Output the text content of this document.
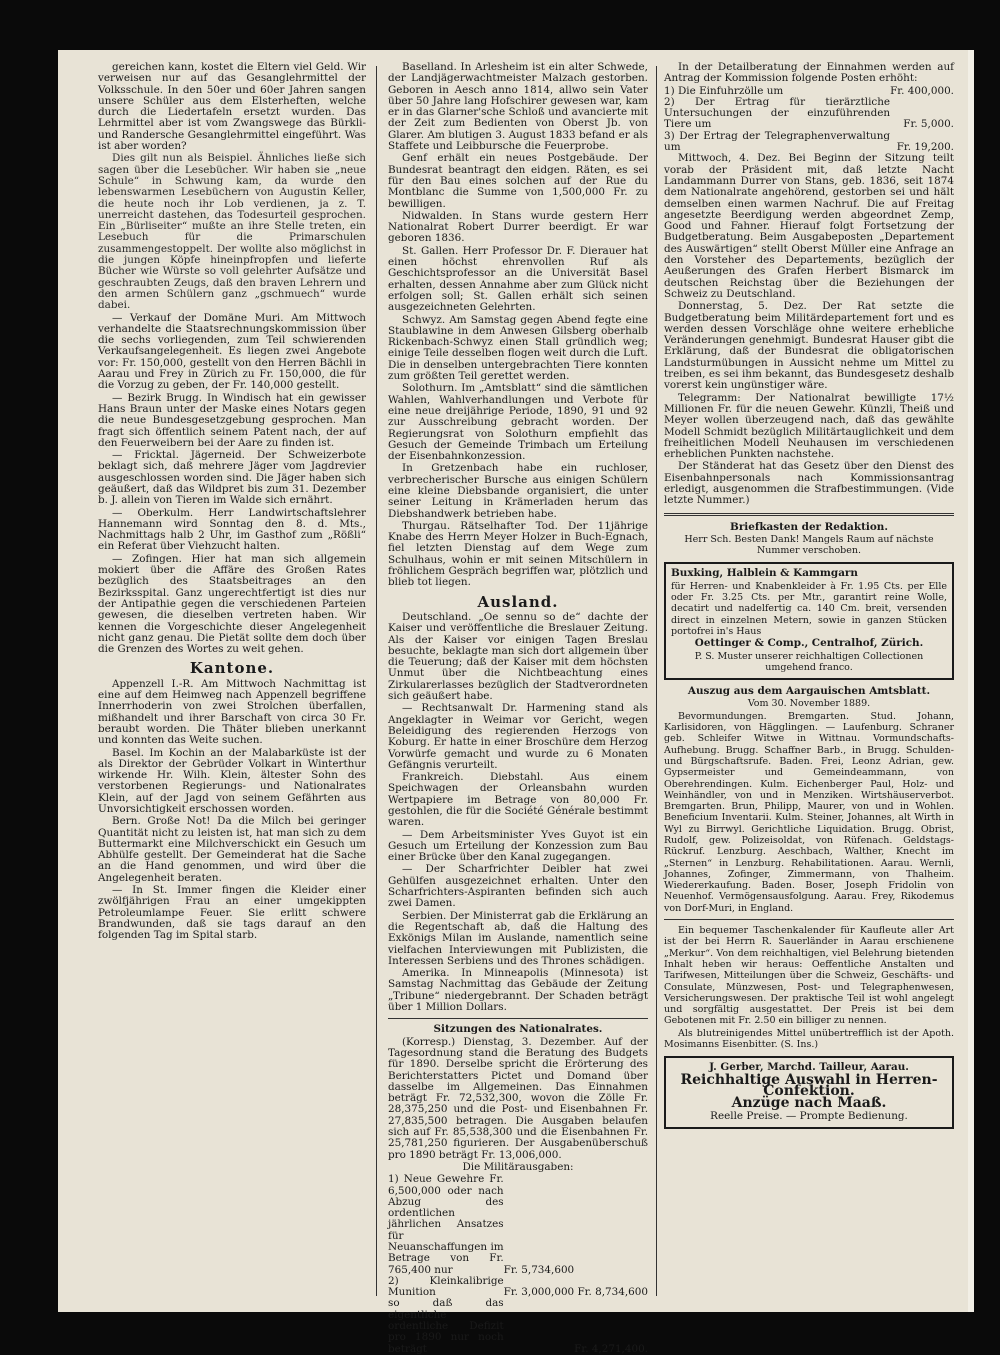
gereichen kann, kostet die Eltern viel Geld. Wir verweisen nur auf das Gesanglehrmittel der Volksschule. In den 50er und 60er Jahren sangen unsere Schüler aus dem Elsterheften, welche durch die Liedertafeln ersetzt wurden. Das Lehrmittel aber ist vom Zwangswege das Bürkli- und Randersche Gesanglehrmittel eingeführt. Was ist aber worden?

Dies gilt nun als Beispiel. Ähnliches ließe sich sagen über die Lesebücher. Wir haben sie „neue Schule“ in Schwung kam, da wurde den lebenswarmen Lesebüchern von Augustin Keller, die heute noch ihr Lob verdienen, ja z. T. unerreicht dastehen, das Todesurteil gesprochen. Ein „Bürliseiter“ mußte an ihre Stelle treten, ein Lesebuch für die Primarschulen zusammengestoppelt. Der wollte also möglichst in die jungen Köpfe hineinpfropfen und lieferte Bücher wie Würste so voll gelehrter Aufsätze und geschraubten Zeugs, daß den braven Lehrern und den armen Schülern ganz „gschmuech“ wurde dabei.

— Verkauf der Domäne Muri. Am Mittwoch verhandelte die Staatsrechnungskommission über die sechs vorliegenden, zum Teil schwierenden Verkaufsangelegenheit. Es liegen zwei Angebote vor: Fr. 150,000, gestellt von den Herren Bächli in Aarau und Frey in Zürich zu Fr. 150,000, die für die Vorzug zu geben, der Fr. 140,000 gestellt.

— Bezirk Brugg. In Windisch hat ein gewisser Hans Braun unter der Maske eines Notars gegen die neue Bundesgesetzgebung gesprochen. Man fragt sich öffentlich seinem Patent nach, der auf den Feuerweibern bei der Aare zu finden ist.

— Fricktal. Jägerneid. Der Schweizerbote beklagt sich, daß mehrere Jäger vom Jagdrevier ausgeschlossen worden sind. Die Jäger haben sich geäußert, daß das Wildpret bis zum 31. Dezember b. J. allein von Tieren im Walde sich ernährt.

— Oberkulm. Herr Landwirtschaftslehrer Hannemann wird Sonntag den 8. d. Mts., Nachmittags halb 2 Uhr, im Gasthof zum „Rößli“ ein Referat über Viehzucht halten.

— Zofingen. Hier hat man sich allgemein mokiert über die Affäre des Großen Rates bezüglich des Staatsbeitrages an den Bezirksspital. Ganz ungerechtfertigt ist dies nur der Antipathie gegen die verschiedenen Parteien gewesen, die dieselben vertreten haben. Wir kennen die Vorgeschichte dieser Angelegenheit nicht ganz genau. Die Pietät sollte dem doch über die Grenzen des Wortes zu weit gehen.

Kantone.

Appenzell I.-R. Am Mittwoch Nachmittag ist eine auf dem Heimweg nach Appenzell begriffene Innerrhoderin von zwei Strolchen überfallen, mißhandelt und ihrer Barschaft von circa 30 Fr. beraubt worden. Die Thäter blieben unerkannt und konnten das Weite suchen.

Basel. Im Kochin an der Malabarküste ist der als Direktor der Gebrüder Volkart in Winterthur wirkende Hr. Wilh. Klein, ältester Sohn des verstorbenen Regierungs- und Nationalrates Klein, auf der Jagd von seinem Gefährten aus Unvorsichtigkeit erschossen worden.

Bern. Große Not! Da die Milch bei geringer Quantität nicht zu leisten ist, hat man sich zu dem Buttermarkt eine Milchverschickt ein Gesuch um Abhülfe gestellt. Der Gemeinderat hat die Sache an die Hand genommen, und wird über die Angelegenheit beraten.

— In St. Immer fingen die Kleider einer zwölfjährigen Frau an einer umgekippten Petroleumlampe Feuer. Sie erlitt schwere Brandwunden, daß sie tags darauf an den folgenden Tag im Spital starb.

Baselland. In Arlesheim ist ein alter Schwede, der Landjägerwachtmeister Malzach gestorben. Geboren in Aesch anno 1814, allwo sein Vater über 50 Jahre lang Hofschirer gewesen war, kam er in das Glarner'sche Schloß und avancierte mit der Zeit zum Bedienten von Oberst Jb. von Glarer. Am blutigen 3. August 1833 befand er als Staffete und Leibbursche die Feuerprobe.

Genf erhält ein neues Postgebäude. Der Bundesrat beantragt den eidgen. Räten, es sei für den Bau eines solchen auf der Rue du Montblanc die Summe von 1,500,000 Fr. zu bewilligen.

Nidwalden. In Stans wurde gestern Herr Nationalrat Robert Durrer beerdigt. Er war geboren 1836.

St. Gallen. Herr Professor Dr. F. Dierauer hat einen höchst ehrenvollen Ruf als Geschichtsprofessor an die Universität Basel erhalten, dessen Annahme aber zum Glück nicht erfolgen soll; St. Gallen erhält sich seinen ausgezeichneten Gelehrten.

Schwyz. Am Samstag gegen Abend fegte eine Staublawine in dem Anwesen Gilsberg oberhalb Rickenbach-Schwyz einen Stall gründlich weg; einige Teile desselben flogen weit durch die Luft. Die in denselben untergebrachten Tiere konnten zum größten Teil gerettet werden.

Solothurn. Im „Amtsblatt“ sind die sämtlichen Wahlen, Wahlverhandlungen und Verbote für eine neue dreijährige Periode, 1890, 91 und 92 zur Ausschreibung gebracht worden. Der Regierungsrat von Solothurn empfiehlt das Gesuch der Gemeinde Trimbach um Erteilung der Eisenbahnkonzession.

In Gretzenbach habe ein ruchloser, verbrecherischer Bursche aus einigen Schülern eine kleine Diebsbande organisiert, die unter seiner Leitung in Krämerladen herum das Diebshandwerk betrieben habe.

Thurgau. Rätselhafter Tod. Der 11jährige Knabe des Herrn Meyer Holzer in Buch-Egnach, fiel letzten Dienstag auf dem Wege zum Schulhaus, wohin er mit seinen Mitschülern in fröhlichem Gespräch begriffen war, plötzlich und blieb tot liegen.

Ausland.

Deutschland. „Oe sennu so de“ dachte der Kaiser und veröffentliche die Breslauer Zeitung. Als der Kaiser vor einigen Tagen Breslau besuchte, beklagte man sich dort allgemein über die Teuerung; daß der Kaiser mit dem höchsten Unmut über die Nichtbeachtung eines Zirkularerlasses bezüglich der Stadtverordneten sich geäußert habe.

— Rechtsanwalt Dr. Harmening stand als Angeklagter in Weimar vor Gericht, wegen Beleidigung des regierenden Herzogs von Koburg. Er hatte in einer Broschüre dem Herzog Vorwürfe gemacht und wurde zu 6 Monaten Gefängnis verurteilt.

Frankreich. Diebstahl. Aus einem Speichwagen der Orleansbahn wurden Wertpapiere im Betrage von 80,000 Fr. gestohlen, die für die Société Générale bestimmt waren.

— Dem Arbeitsminister Yves Guyot ist ein Gesuch um Erteilung der Konzession zum Bau einer Brücke über den Kanal zugegangen.

— Der Scharfrichter Deibler hat zwei Gehülfen ausgezeichnet erhalten. Unter den Scharfrichters-Aspiranten befinden sich auch zwei Damen.

Serbien. Der Ministerrat gab die Erklärung an die Regentschaft ab, daß die Haltung des Exkönigs Milan im Auslande, namentlich seine vielfachen Interviewungen mit Publizisten, die Interessen Serbiens und des Thrones schädigen.

Amerika. In Minneapolis (Minnesota) ist Samstag Nachmittag das Gebäude der Zeitung „Tribune“ niedergebrannt. Der Schaden beträgt über 1 Million Dollars.

Sitzungen des Nationalrates.

(Korresp.) Dienstag, 3. Dezember. Auf der Tagesordnung stand die Beratung des Budgets für 1890. Derselbe spricht die Erörterung des Berichterstatters Pictet und Domand über dasselbe im Allgemeinen. Das Einnahmen beträgt Fr. 72,532,300, wovon die Zölle Fr. 28,375,250 und die Post- und Eisenbahnen Fr. 27,835,500 betragen. Die Ausgaben belaufen sich auf Fr. 85,538,300 und die Eisenbahnen Fr. 25,781,250 figurieren. Der Ausgabenüberschuß pro 1890 beträgt Fr. 13,006,000.

Die Militärausgaben:

1) Neue Gewehre Fr. 6,500,000 oder nach Abzug des ordentlichen jährlichen Ansatzes für Neuanschaffungen im Betrage von Fr. 765,400 nur	Fr. 5,734,600	
2) Kleinkalibrige Munition	Fr. 3,000,000	Fr. 8,734,600
so daß das eigentliche ordentliche Defizit pro 1890 nur noch beträgt		Fr. 4,271,400.

In der Detailberatung der Einnahmen werden auf Antrag der Kommission folgende Posten erhöht:

1) Die Einfuhrzölle um	Fr. 400,000.
2) Der Ertrag für tierärztliche Untersuchungen der einzuführenden Tiere um	Fr. 5,000.
3) Der Ertrag der Telegraphenverwaltung um	Fr. 19,200.

Mittwoch, 4. Dez. Bei Beginn der Sitzung teilt vorab der Präsident mit, daß letzte Nacht Landammann Durrer von Stans, geb. 1836, seit 1874 dem Nationalrate angehörend, gestorben sei und hält demselben einen warmen Nachruf. Die auf Freitag angesetzte Beerdigung werden abgeordnet Zemp, Good und Fahner. Hierauf folgt Fortsetzung der Budgetberatung. Beim Ausgabeposten „Departement des Auswärtigen“ stellt Oberst Müller eine Anfrage an den Vorsteher des Departements, bezüglich der Aeußerungen des Grafen Herbert Bismarck im deutschen Reichstag über die Beziehungen der Schweiz zu Deutschland.

Donnerstag, 5. Dez. Der Rat setzte die Budgetberatung beim Militärdepartement fort und es werden dessen Vorschläge ohne weitere erhebliche Veränderungen genehmigt. Bundesrat Hauser gibt die Erklärung, daß der Bundesrat die obligatorischen Landsturmübungen in Aussicht nehme um Mittel zu treiben, es sei ihm bekannt, das Bundesgesetz deshalb vorerst kein ungünstiger wäre.

Telegramm: Der Nationalrat bewilligte 17½ Millionen Fr. für die neuen Gewehr. Künzli, Theiß und Meyer wollen überzeugend nach, daß das gewählte Modell Schmidt bezüglich Militärtauglichkeit und dem freiheitlichen Modell Neuhausen im verschiedenen erheblichen Punkten nachstehe.

Der Ständerat hat das Gesetz über den Dienst des Eisenbahnpersonals nach Kommissionsantrag erledigt, ausgenommen die Strafbestimmungen. (Vide letzte Nummer.)

Briefkasten der Redaktion.

Herr Sch. Besten Dank! Mangels Raum auf nächste Nummer verschoben.

Buxking, Halblein & Kammgarn

für Herren- und Knabenkleider à Fr. 1.95 Cts. per Elle oder Fr. 3.25 Cts. per Mtr., garantirt reine Wolle, decatirt und nadelfertig ca. 140 Cm. breit, versenden direct in einzelnen Metern, sowie in ganzen Stücken portofrei in's Haus

Oettinger & Comp., Centralhof, Zürich.

P. S. Muster unserer reichhaltigen Collectionen umgehend franco.

Auszug aus dem Aargauischen Amtsblatt.

Vom 30. November 1889.

Bevormundungen. Bremgarten. Stud. Johann, Karlisidoren, von Hägglingen. — Laufenburg. Schraner geb. Schleifer Witwe in Wittnau. Vormundschafts-Aufhebung. Brugg. Schaffner Barb., in Brugg. Schulden- und Bürgschaftsrufe. Baden. Frei, Leonz Adrian, gew. Gypsermeister und Gemeindeammann, von Oberehrendingen. Kulm. Eichenberger Paul, Holz- und Weinhändler, von und in Menziken. Wirtshäuserverbot. Bremgarten. Brun, Philipp, Maurer, von und in Wohlen. Beneficium Inventarii. Kulm. Steiner, Johannes, alt Wirth in Wyl zu Birrwyl. Gerichtliche Liquidation. Brugg. Obrist, Rudolf, gew. Polizeisoldat, von Rüfenach. Geldstags-Rückruf. Lenzburg. Aeschbach, Walther, Knecht im „Sternen“ in Lenzburg. Rehabilitationen. Aarau. Wernli, Johannes, Zofinger, Zimmermann, von Thalheim. Wiedererkaufung. Baden. Boser, Joseph Fridolin von Neuenhof. Vermögensausfolgung. Aarau. Frey, Rikodemus von Dorf-Muri, in England.

Ein bequemer Taschenkalender für Kaufleute aller Art ist der bei Herrn R. Sauerländer in Aarau erschienene „Merkur“. Von dem reichhaltigen, viel Belehrung bietenden Inhalt heben wir heraus: Oeffentliche Anstalten und Tarifwesen, Mitteilungen über die Schweiz, Geschäfts- und Consulate, Münzwesen, Post- und Telegraphenwesen, Versicherungswesen. Der praktische Teil ist wohl angelegt und sorgfältig ausgestattet. Der Preis ist bei dem Gebotenen mit Fr. 2.50 ein billiger zu nennen.

Als blutreinigendes Mittel unübertrefflich ist der Apoth. Mosimanns Eisenbitter. (S. Ins.)

J. Gerber, Marchd. Tailleur, Aarau.

Reichhaltige Auswahl in Herren-Confektion.

Anzüge nach Maaß.

Reelle Preise. — Prompte Bedienung.
